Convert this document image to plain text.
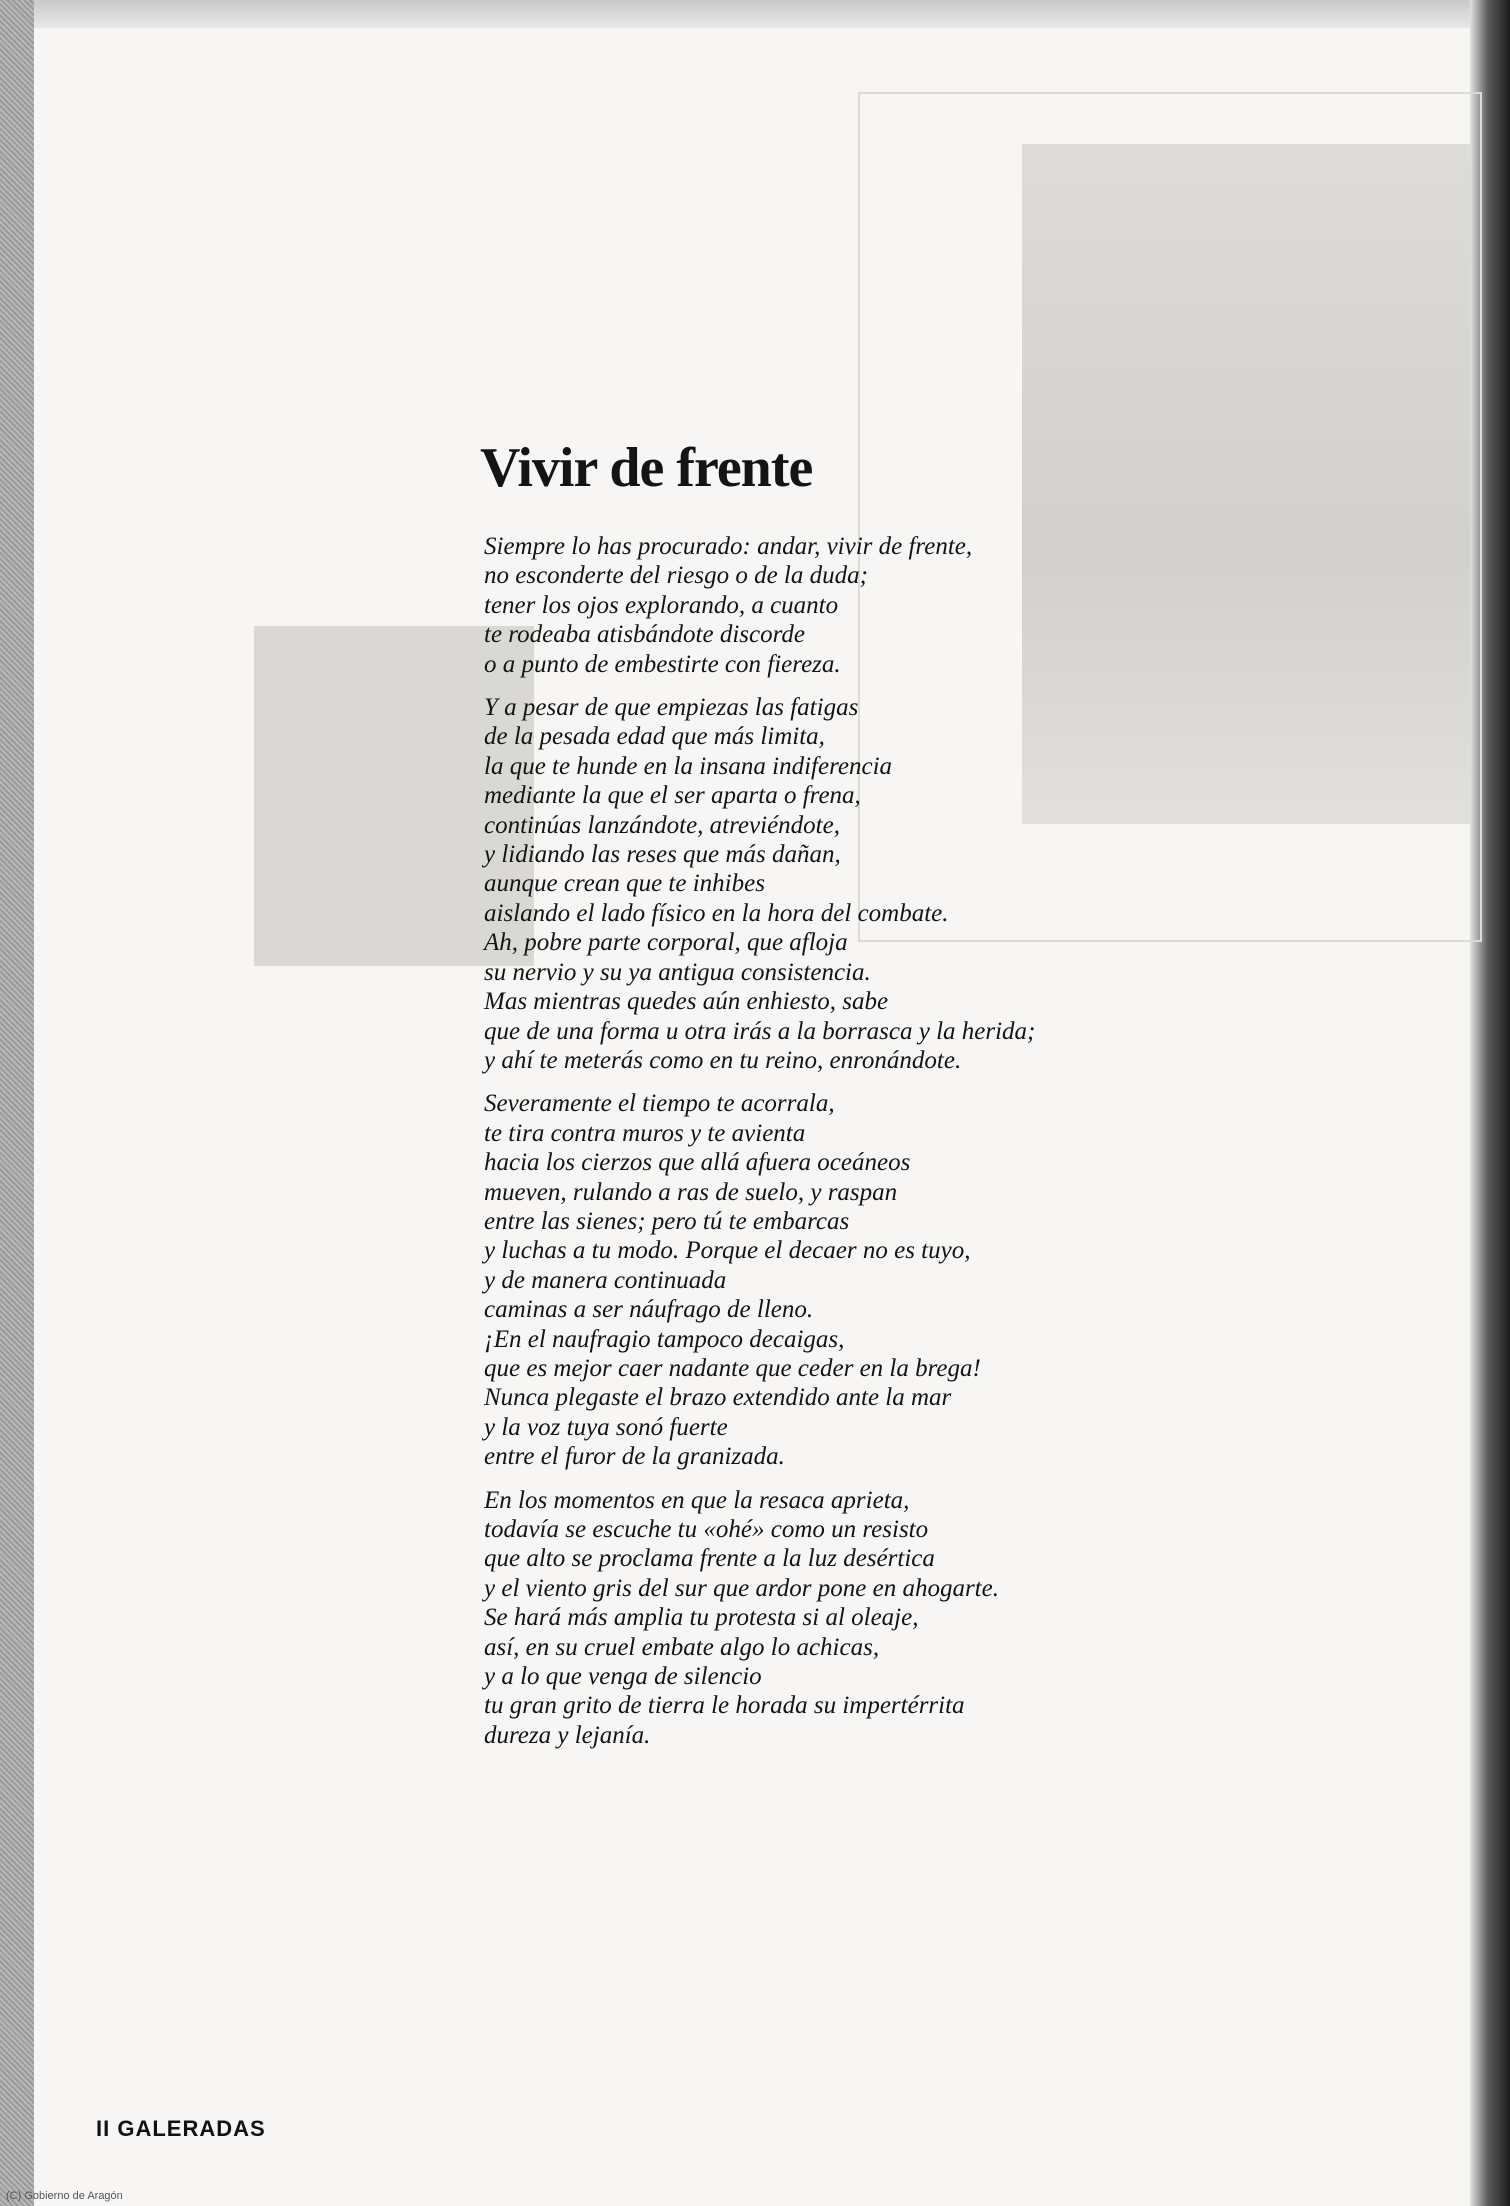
Vivir de frente
Siempre lo has procurado: andar, vivir de frente,
no esconderte del riesgo o de la duda;
tener los ojos explorando, a cuanto
te rodeaba atisbándote discorde
o a punto de embestirte con fiereza.
Y a pesar de que empiezas las fatigas
de la pesada edad que más limita,
la que te hunde en la insana indiferencia
mediante la que el ser aparta o frena,
continúas lanzándote, atreviéndote,
y lidiando las reses que más dañan,
aunque crean que te inhibes
aislando el lado físico en la hora del combate.
Ah, pobre parte corporal, que afloja
su nervio y su ya antigua consistencia.
Mas mientras quedes aún enhiesto, sabe
que de una forma u otra irás a la borrasca y la herida;
y ahí te meterás como en tu reino, enronándote.
Severamente el tiempo te acorrala,
te tira contra muros y te avienta
hacia los cierzos que allá afuera oceáneos
mueven, rulando a ras de suelo, y raspan
entre las sienes; pero tú te embarcas
y luchas a tu modo. Porque el decaer no es tuyo,
y de manera continuada
caminas a ser náufrago de lleno.
¡En el naufragio tampoco decaigas,
que es mejor caer nadante que ceder en la brega!
Nunca plegaste el brazo extendido ante la mar
y la voz tuya sonó fuerte
entre el furor de la granizada.
En los momentos en que la resaca aprieta,
todavía se escuche tu «ohé» como un resisto
que alto se proclama frente a la luz desértica
y el viento gris del sur que ardor pone en ahogarte.
Se hará más amplia tu protesta si al oleaje,
así, en su cruel embate algo lo achicas,
y a lo que venga de silencio
tu gran grito de tierra le horada su impertérrita
dureza y lejanía.
II GALERADAS
(C) Gobierno de Aragón
